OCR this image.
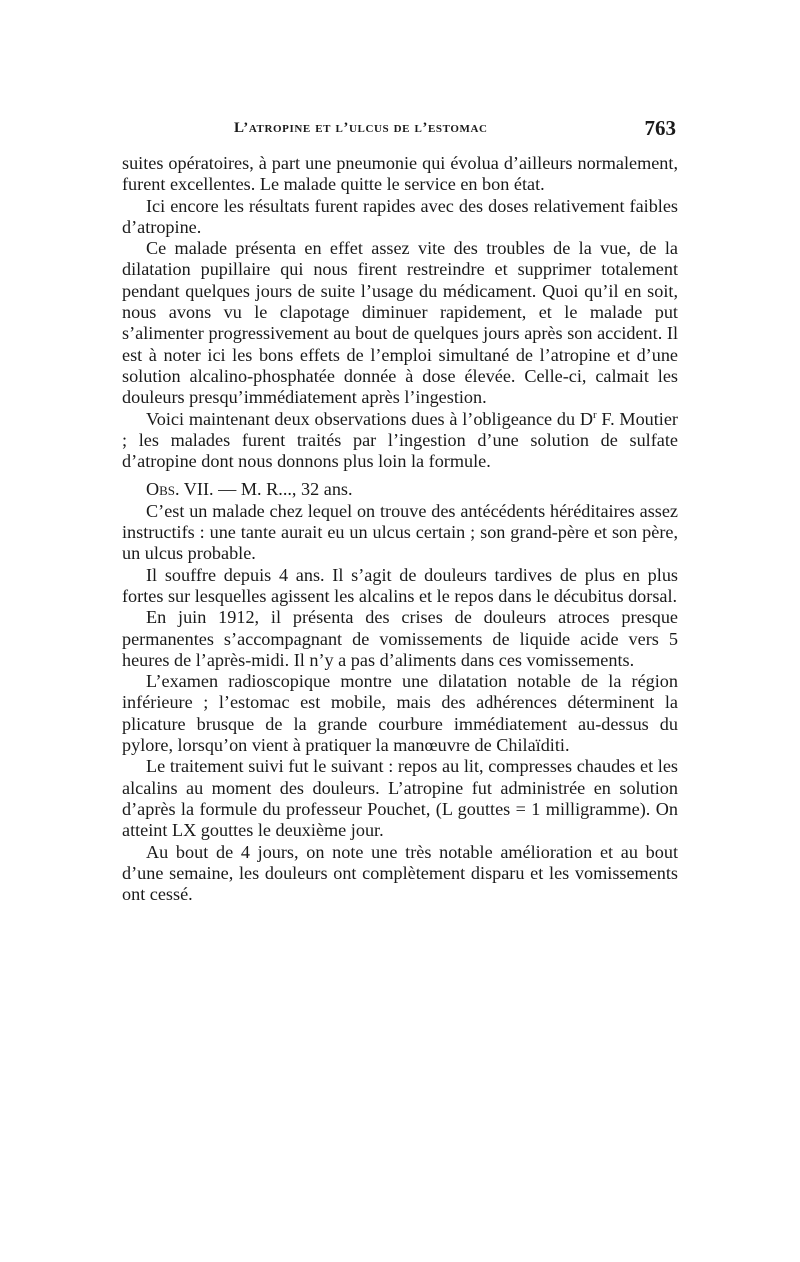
L’atropine et l’ulcus de l’estomac	763

suites opératoires, à part une pneumonie qui évolua d’ailleurs normalement, furent excellentes. Le malade quitte le service en bon état.

Ici encore les résultats furent rapides avec des doses relativement faibles d’atropine.

Ce malade présenta en effet assez vite des troubles de la vue, de la dilatation pupillaire qui nous firent restreindre et supprimer totalement pendant quelques jours de suite l’usage du médicament. Quoi qu’il en soit, nous avons vu le clapotage diminuer rapidement, et le malade put s’alimenter progressivement au bout de quelques jours après son accident. Il est à noter ici les bons effets de l’emploi simultané de l’atropine et d’une solution alcalino-phosphatée donnée à dose élevée. Celle-ci, calmait les douleurs presqu’immédiatement après l’ingestion.

Voici maintenant deux observations dues à l’obligeance du $D^r$ F. Moutier ; les malades furent traités par l’ingestion d’une solution de sulfate d’atropine dont nous donnons plus loin la formule.

Obs. VII. — M. R..., 32 ans.

C’est un malade chez lequel on trouve des antécédents héréditaires assez instructifs : une tante aurait eu un ulcus certain ; son grand-père et son père, un ulcus probable.

Il souffre depuis 4 ans. Il s’agit de douleurs tardives de plus en plus fortes sur lesquelles agissent les alcalins et le repos dans le décubitus dorsal.

En juin 1912, il présenta des crises de douleurs atroces presque permanentes s’accompagnant de vomissements de liquide acide vers 5 heures de l’après-midi. Il n’y a pas d’aliments dans ces vomissements.

L’examen radioscopique montre une dilatation notable de la région inférieure ; l’estomac est mobile, mais des adhérences déterminent la plicature brusque de la grande courbure immédiatement au-dessus du pylore, lorsqu’on vient à pratiquer la manœuvre de Chilaïditi.

Le traitement suivi fut le suivant : repos au lit, compresses chaudes et les alcalins au moment des douleurs. L’atropine fut administrée en solution d’après la formule du professeur Pouchet, (L gouttes = 1 milligramme). On atteint LX gouttes le deuxième jour.

Au bout de 4 jours, on note une très notable amélioration et au bout d’une semaine, les douleurs ont complètement disparu et les vomissements ont cessé.
